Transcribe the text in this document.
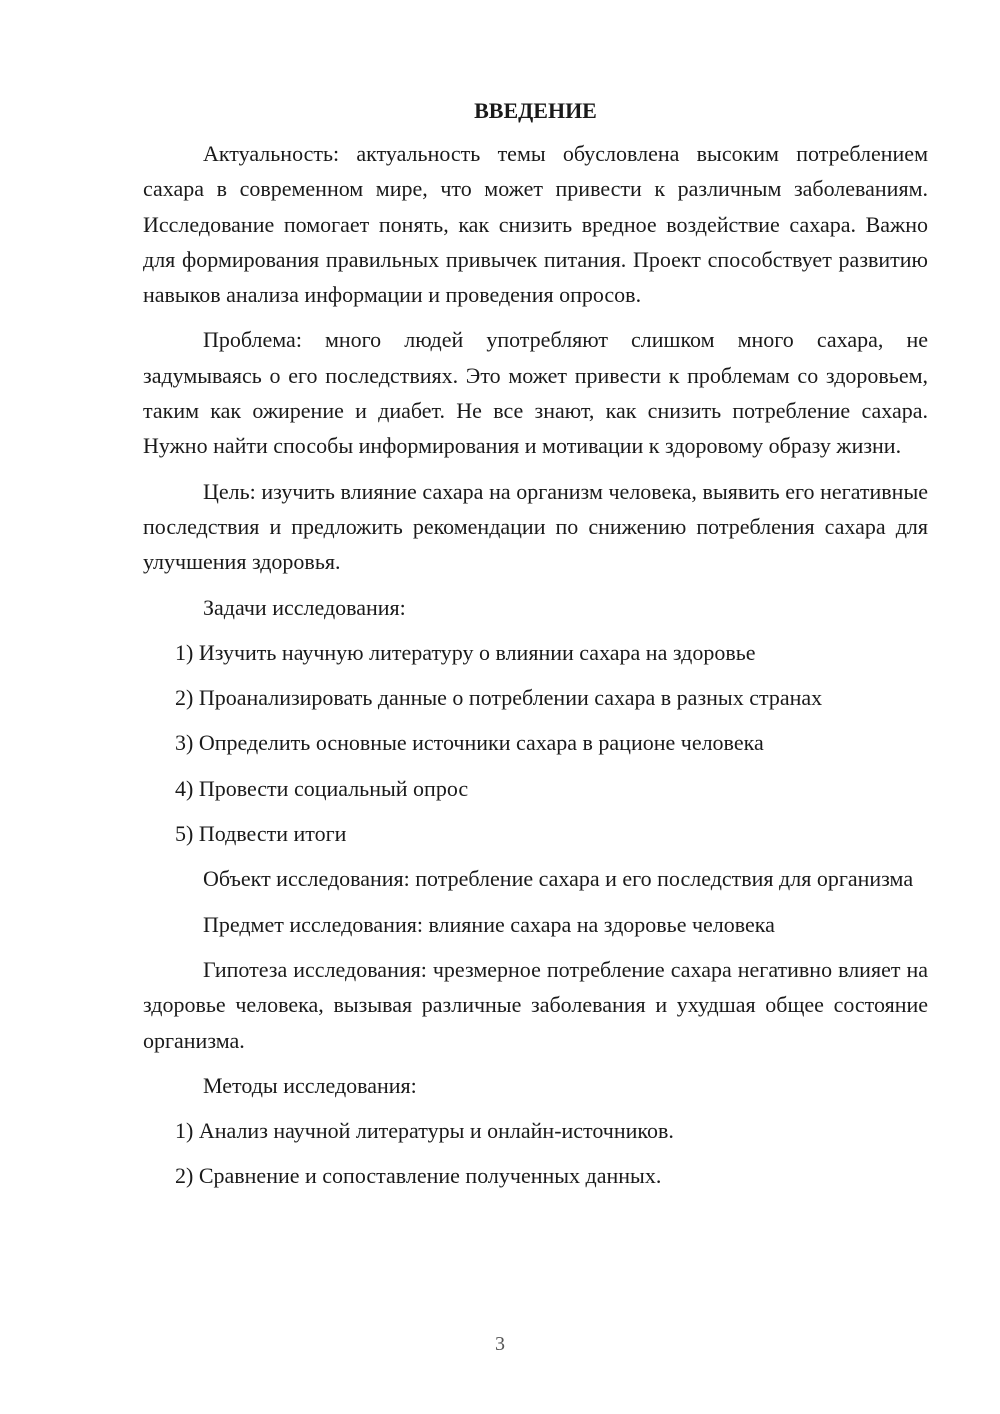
ВВЕДЕНИЕ

Актуальность: актуальность темы обусловлена высоким потреблением сахара в современном мире, что может привести к различным заболеваниям. Исследование помогает понять, как снизить вредное воздействие сахара. Важно для формирования правильных привычек питания. Проект способствует развитию навыков анализа информации и проведения опросов.

Проблема: много людей употребляют слишком много сахара, не задумываясь о его последствиях. Это может привести к проблемам со здоровьем, таким как ожирение и диабет. Не все знают, как снизить потребление сахара. Нужно найти способы информирования и мотивации к здоровому образу жизни.

Цель: изучить влияние сахара на организм человека, выявить его негативные последствия и предложить рекомендации по снижению потребления сахара для улучшения здоровья.

Задачи исследования:
1) Изучить научную литературу о влиянии сахара на здоровье
2) Проанализировать данные о потреблении сахара в разных странах
3) Определить основные источники сахара в рационе человека
4) Провести социальный опрос
5) Подвести итоги

Объект исследования: потребление сахара и его последствия для организма

Предмет исследования: влияние сахара на здоровье человека

Гипотеза исследования: чрезмерное потребление сахара негативно влияет на здоровье человека, вызывая различные заболевания и ухудшая общее состояние организма.

Методы исследования:
1) Анализ научной литературы и онлайн-источников.
2) Сравнение и сопоставление полученных данных.
3
